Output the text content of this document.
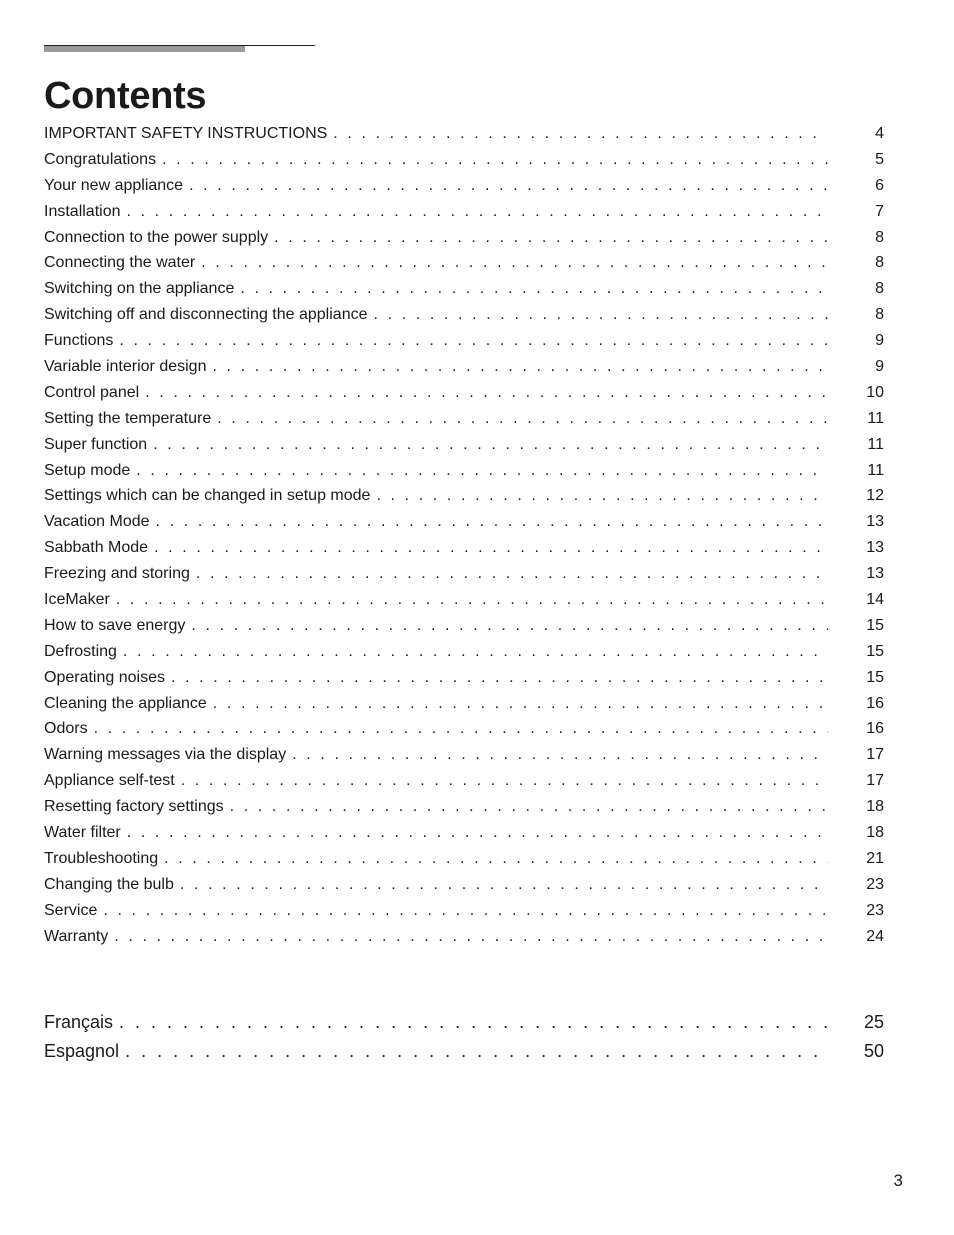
Contents
IMPORTANT SAFETY INSTRUCTIONS . . .	4
Congratulations . . .	5
Your new appliance . . .	6
Installation . . .	7
Connection to the power supply . . .	8
Connecting the water . . .	8
Switching on the appliance . . .	8
Switching off and disconnecting the appliance . . .	8
Functions . . .	9
Variable interior design . . .	9
Control panel . . .	10
Setting the temperature . . .	11
Super function . . .	11
Setup mode . . .	11
Settings which can be changed in setup mode . . .	12
Vacation Mode . . .	13
Sabbath Mode . . .	13
Freezing and storing . . .	13
IceMaker . . .	14
How to save energy . . .	15
Defrosting . . .	15
Operating noises . . .	15
Cleaning the appliance . . .	16
Odors . . .	16
Warning messages via the display . . .	17
Appliance self-test . . .	17
Resetting factory settings . . .	18
Water filter . . .	18
Troubleshooting . . .	21
Changing the bulb . . .	23
Service . . .	23
Warranty . . .	24
Français . . .	25
Espagnol . . .	50
3
